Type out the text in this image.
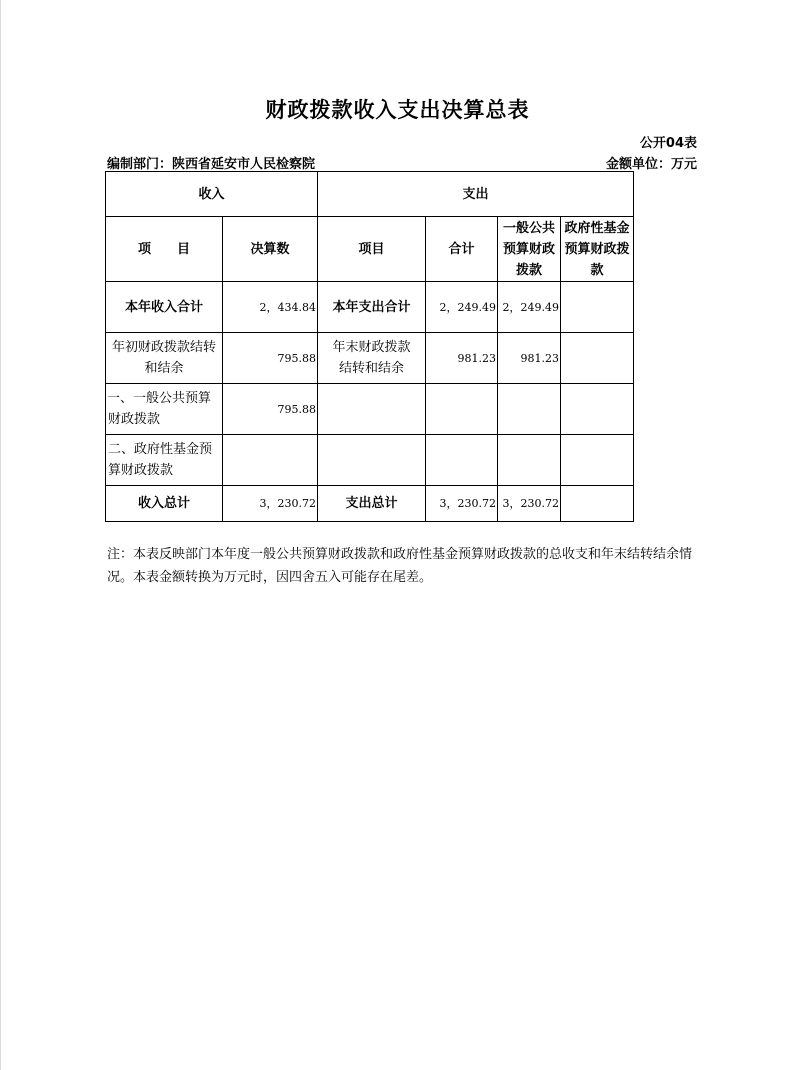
财政拨款收入支出决算总表
公开04表
编制部门：陕西省延安市人民检察院	金额单位：万元
收入		支出			
项　　目	决算数	项目	合计	一般公共预算财政拨款	政府性基金预算财政拨款
本年收入合计	2，434.84	本年支出合计	2，249.49	2，249.49	
年初财政拨款结转和结余	795.88	年末财政拨款结转和结余	981.23	981.23	
一、一般公共预算财政拨款	795.88				
二、政府性基金预算财政拨款					
收入总计	3，230.72	支出总计	3，230.72	3，230.72	
注：本表反映部门本年度一般公共预算财政拨款和政府性基金预算财政拨款的总收支和年末结转结余情况。本表金额转换为万元时，因四舍五入可能存在尾差。
